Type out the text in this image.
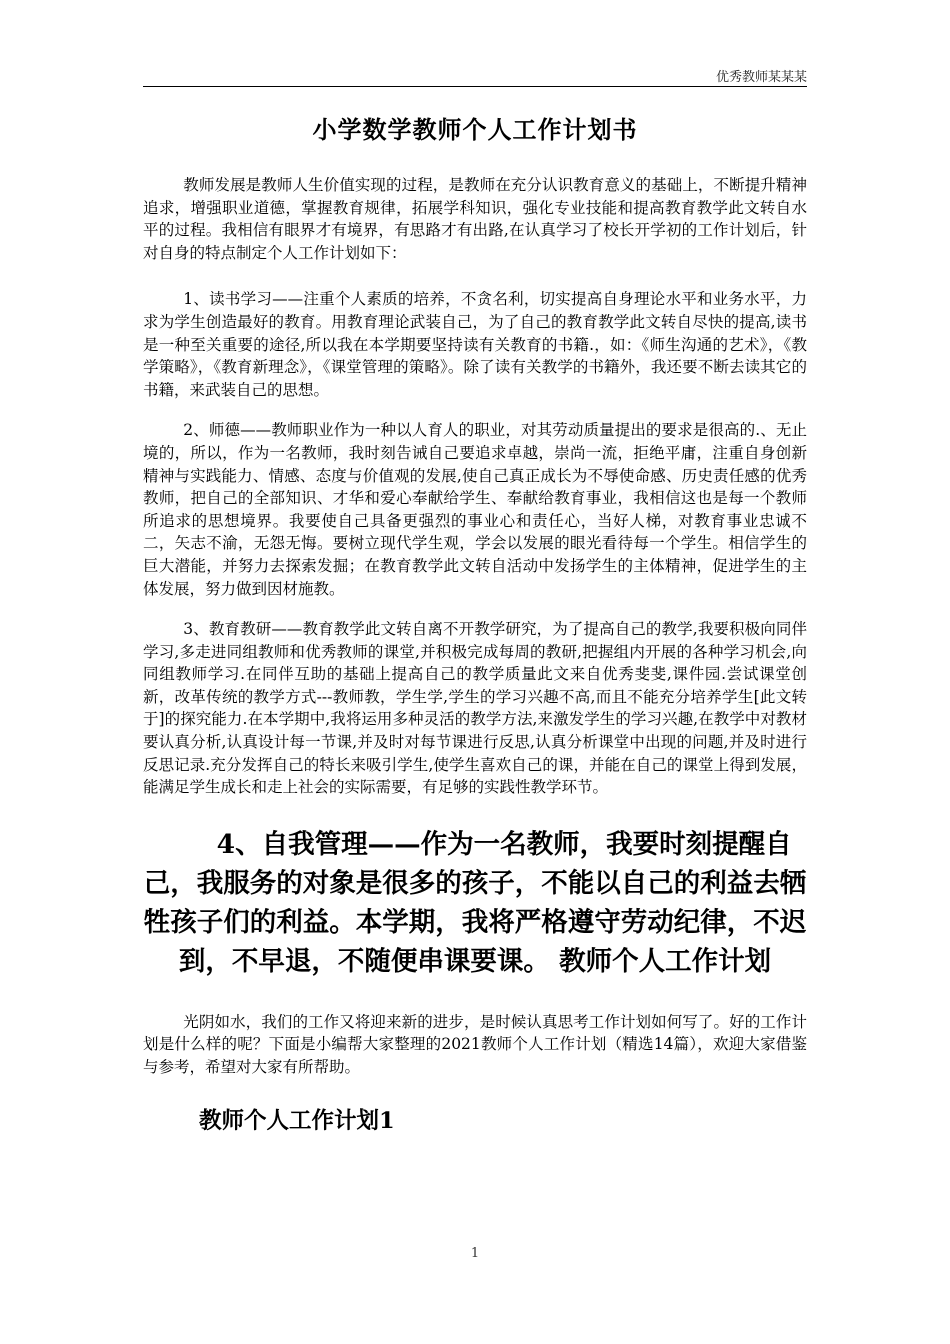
优秀教师某某某
小学数学教师个人工作计划书

教师发展是教师人生价值实现的过程，是教师在充分认识教育意义的基础上，不断提升精神追求，增强职业道德，掌握教育规律，拓展学科知识，强化专业技能和提高教育教学此文转自水平的过程。我相信有眼界才有境界，有思路才有出路,在认真学习了校长开学初的工作计划后，针对自身的特点制定个人工作计划如下：

1、读书学习——注重个人素质的培养，不贪名利，切实提高自身理论水平和业务水平，力求为学生创造最好的教育。用教育理论武装自己，为了自己的教育教学此文转自尽快的提高,读书是一种至关重要的途径,所以我在本学期要坚持读有关教育的书籍.，如：《师生沟通的艺术》，《教学策略》，《教育新理念》，《课堂管理的策略》。除了读有关教学的书籍外，我还要不断去读其它的书籍，来武装自己的思想。

2、师德——教师职业作为一种以人育人的职业，对其劳动质量提出的要求是很高的.、无止境的，所以，作为一名教师，我时刻告诫自己要追求卓越，崇尚一流，拒绝平庸，注重自身创新精神与实践能力、情感、态度与价值观的发展,使自己真正成长为不辱使命感、历史责任感的优秀教师，把自己的全部知识、才华和爱心奉献给学生、奉献给教育事业，我相信这也是每一个教师所追求的思想境界。我要使自己具备更强烈的事业心和责任心，当好人梯，对教育事业忠诚不二，矢志不渝，无怨无悔。要树立现代学生观，学会以发展的眼光看待每一个学生。相信学生的巨大潜能，并努力去探索发掘；在教育教学此文转自活动中发扬学生的主体精神，促进学生的主体发展，努力做到因材施教。

3、教育教研——教育教学此文转自离不开教学研究，为了提高自己的教学,我要积极向同伴学习,多走进同组教师和优秀教师的课堂,并积极完成每周的教研,把握组内开展的各种学习机会,向同组教师学习.在同伴互助的基础上提高自己的教学质量此文来自优秀斐斐,课件园.尝试课堂创新，改革传统的教学方式---教师教，学生学,学生的学习兴趣不高,而且不能充分培养学生[此文转于]的探究能力.在本学期中,我将运用多种灵活的教学方法,来激发学生的学习兴趣,在教学中对教材要认真分析,认真设计每一节课,并及时对每节课进行反思,认真分析课堂中出现的问题,并及时进行反思记录.充分发挥自己的特长来吸引学生,使学生喜欢自己的课，并能在自己的课堂上得到发展，能满足学生成长和走上社会的实际需要，有足够的实践性教学环节。

4、自我管理——作为一名教师，我要时刻提醒自己，我服务的对象是很多的孩子，不能以自己的利益去牺牲孩子们的利益。本学期，我将严格遵守劳动纪律，不迟到，不早退，不随便串课要课。 教师个人工作计划

光阴如水，我们的工作又将迎来新的进步，是时候认真思考工作计划如何写了。好的工作计划是什么样的呢？下面是小编帮大家整理的2021教师个人工作计划（精选14篇），欢迎大家借鉴与参考，希望对大家有所帮助。

教师个人工作计划1
1
